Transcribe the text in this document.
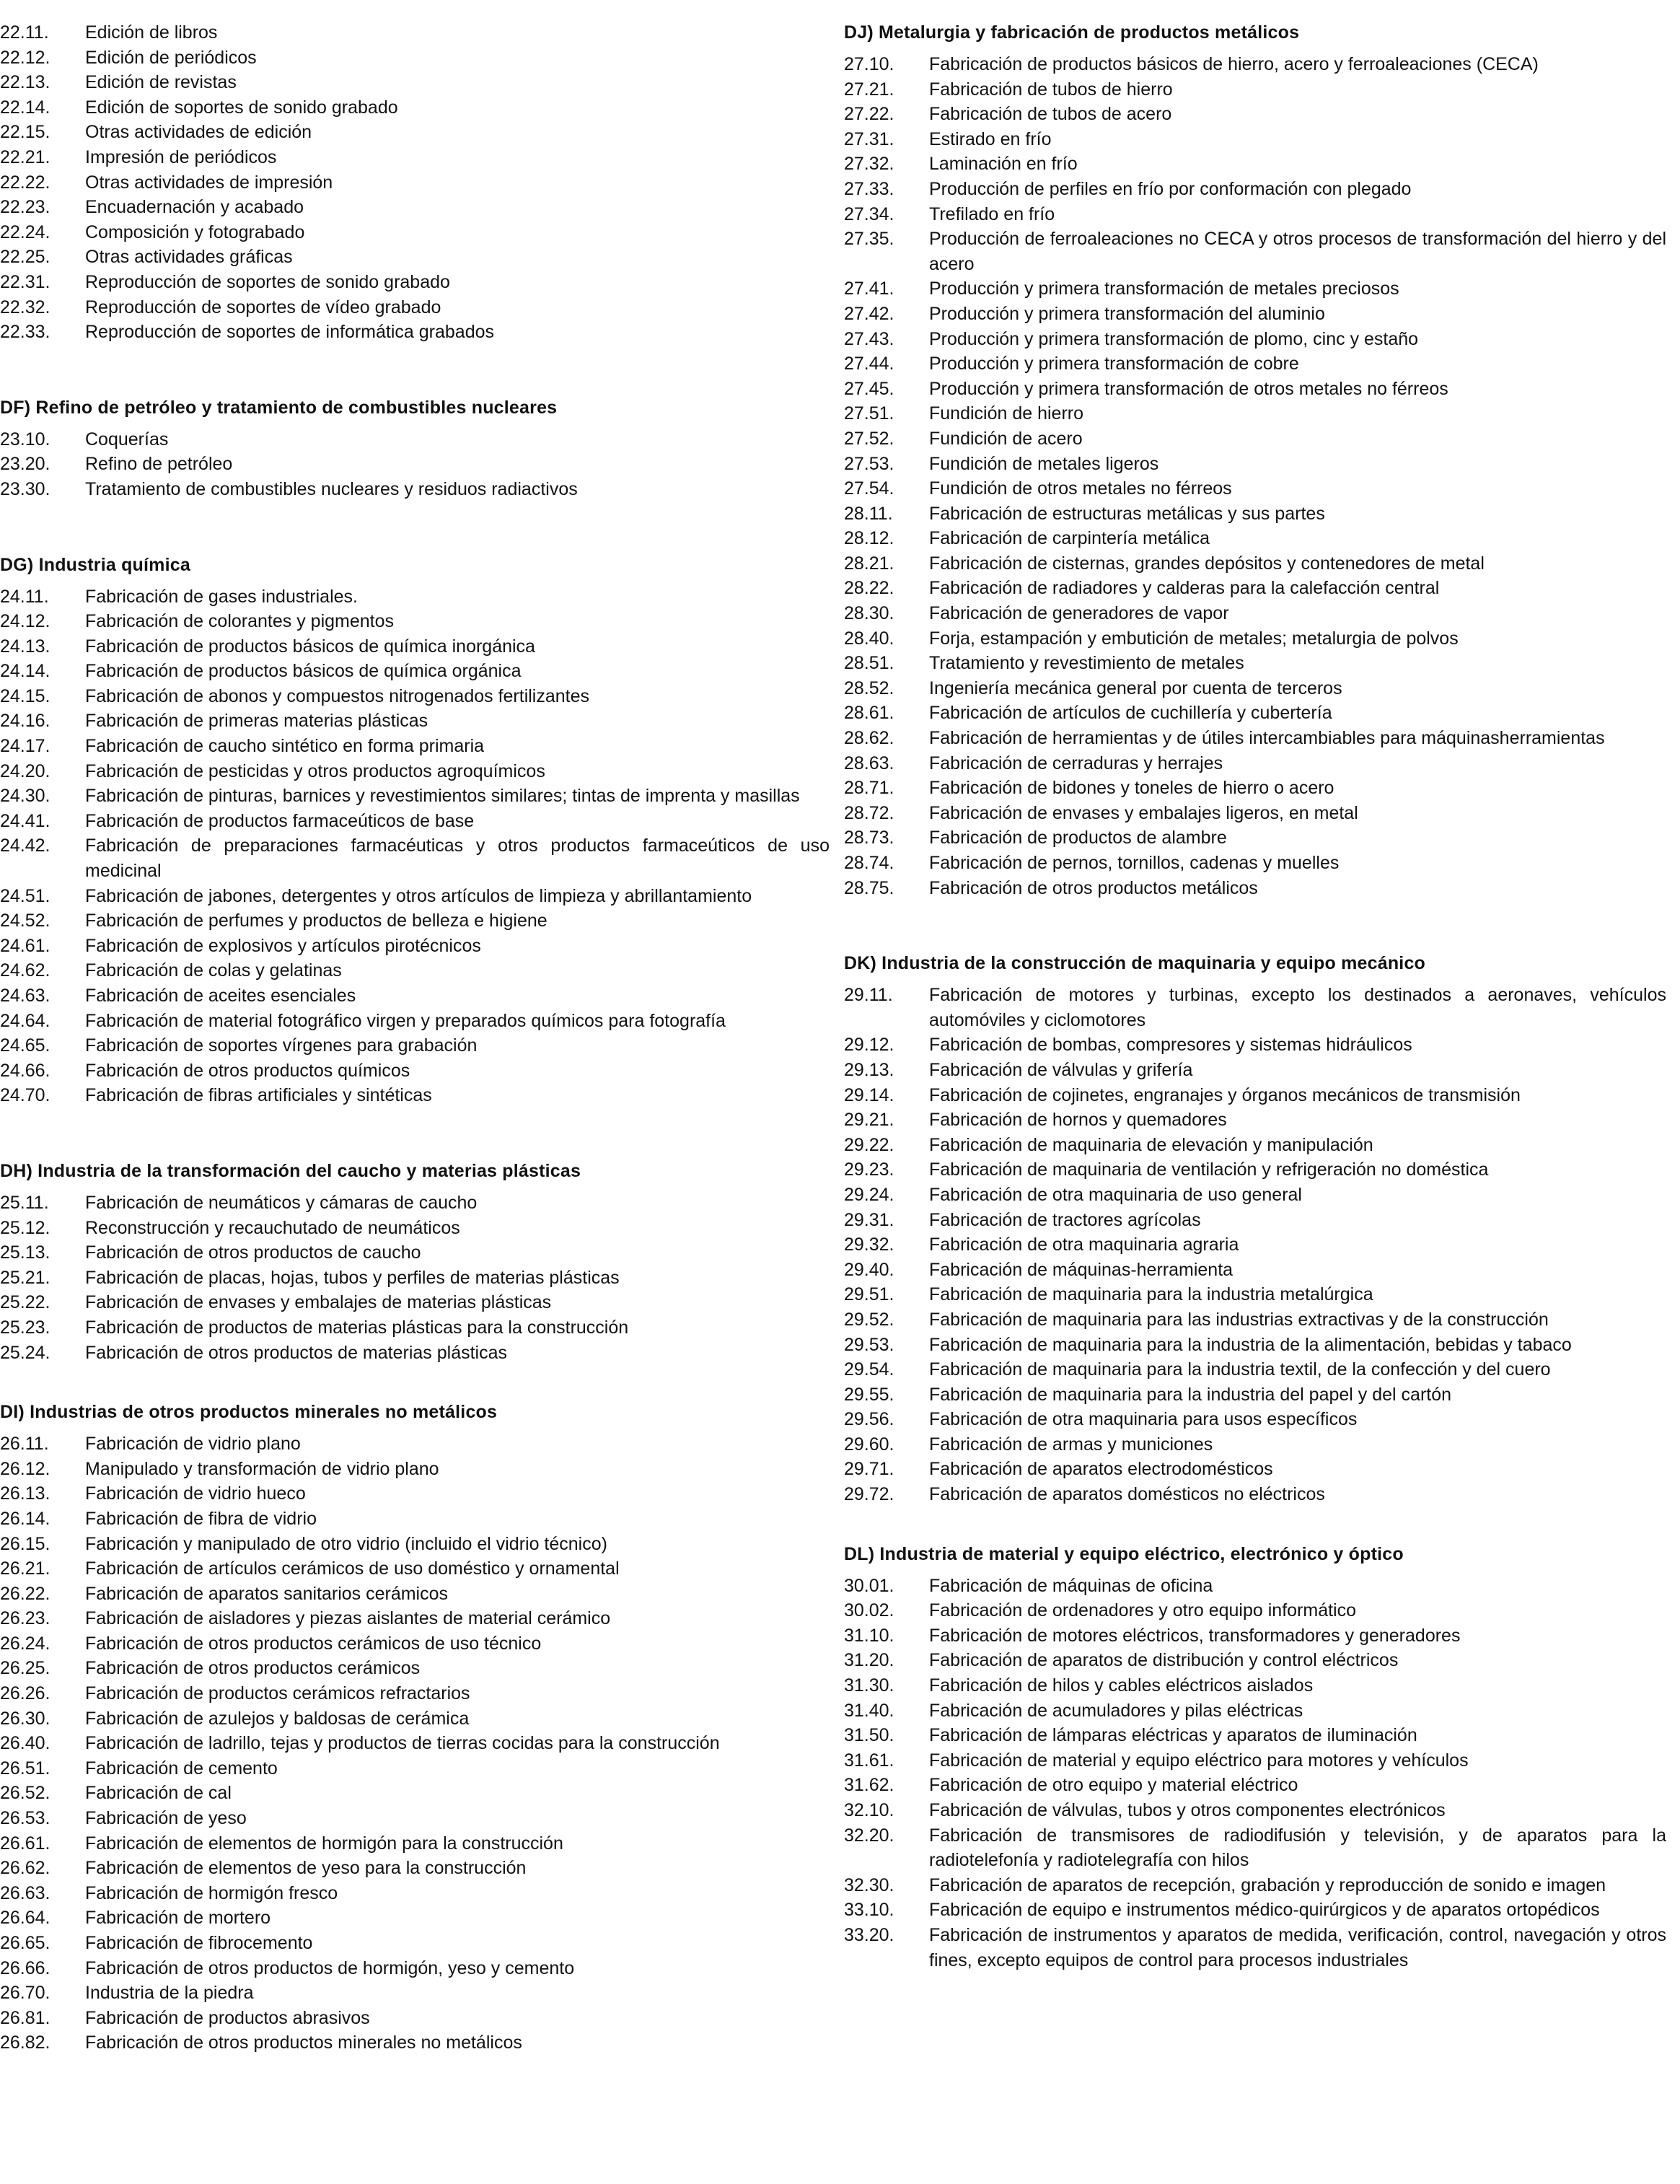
22.11.	Edición de libros
22.12.	Edición de periódicos
22.13.	Edición de revistas
22.14.	Edición de soportes de sonido grabado
22.15.	Otras actividades de edición
22.21.	Impresión de periódicos
22.22.	Otras actividades de impresión
22.23.	Encuadernación y acabado
22.24.	Composición y fotograbado
22.25.	Otras actividades gráficas
22.31.	Reproducción de soportes de sonido grabado
22.32.	Reproducción de soportes de vídeo grabado
22.33.	Reproducción de soportes de informática grabados
DF) Refino de petróleo y tratamiento de combustibles nucleares
23.10.	Coquerías
23.20.	Refino de petróleo
23.30.	Tratamiento de combustibles nucleares y residuos radiactivos
DG) Industria química
24.11.	Fabricación de gases industriales.
24.12.	Fabricación de colorantes y pigmentos
24.13.	Fabricación de productos básicos de química inorgánica
24.14.	Fabricación de productos básicos de química orgánica
24.15.	Fabricación de abonos y compuestos nitrogenados fertilizantes
24.16.	Fabricación de primeras materias plásticas
24.17.	Fabricación de caucho sintético en forma primaria
24.20.	Fabricación de pesticidas y otros productos agroquímicos
24.30.	Fabricación de pinturas, barnices y revestimientos similares; tintas de imprenta y masillas
24.41.	Fabricación de productos farmaceúticos de base
24.42.	Fabricación de preparaciones farmacéuticas y otros productos farmaceúticos de uso medicinal
24.51.	Fabricación de jabones, detergentes y otros artículos de limpieza y abrillantamiento
24.52.	Fabricación de perfumes y productos de belleza e higiene
24.61.	Fabricación de explosivos y artículos pirotécnicos
24.62.	Fabricación de colas y gelatinas
24.63.	Fabricación de aceites esenciales
24.64.	Fabricación de material fotográfico virgen y preparados químicos para fotografía
24.65.	Fabricación de soportes vírgenes para grabación
24.66.	Fabricación de otros productos químicos
24.70.	Fabricación de fibras artificiales y sintéticas
DH) Industria de la transformación del caucho y materias plásticas
25.11.	Fabricación de neumáticos y cámaras de caucho
25.12.	Reconstrucción y recauchutado de neumáticos
25.13.	Fabricación de otros productos de caucho
25.21.	Fabricación de placas, hojas, tubos y perfiles de materias plásticas
25.22.	Fabricación de envases y embalajes de materias plásticas
25.23.	Fabricación de productos de materias plásticas para la construcción
25.24.	Fabricación de otros productos de materias plásticas
DI) Industrias de otros productos minerales no metálicos
26.11.	Fabricación de vidrio plano
26.12.	Manipulado y transformación de vidrio plano
26.13.	Fabricación de vidrio hueco
26.14.	Fabricación de fibra de vidrio
26.15.	Fabricación y manipulado de otro vidrio (incluido el vidrio técnico)
26.21.	Fabricación de artículos cerámicos de uso doméstico y ornamental
26.22.	Fabricación de aparatos sanitarios cerámicos
26.23.	Fabricación de aisladores y piezas aislantes de material cerámico
26.24.	Fabricación de otros productos cerámicos de uso técnico
26.25.	Fabricación de otros productos cerámicos
26.26.	Fabricación de productos cerámicos refractarios
26.30.	Fabricación de azulejos y baldosas de cerámica
26.40.	Fabricación de ladrillo, tejas y productos de tierras cocidas para la construcción
26.51.	Fabricación de cemento
26.52.	Fabricación de cal
26.53.	Fabricación de yeso
26.61.	Fabricación de elementos de hormigón para la construcción
26.62.	Fabricación de elementos de yeso para la construcción
26.63.	Fabricación de hormigón fresco
26.64.	Fabricación de mortero
26.65.	Fabricación de fibrocemento
26.66.	Fabricación de otros productos de hormigón, yeso y cemento
26.70.	Industria de la piedra
26.81.	Fabricación de productos abrasivos
26.82.	Fabricación de otros productos minerales no metálicos
DJ) Metalurgia y fabricación de productos metálicos
27.10.	Fabricación de productos básicos de hierro, acero y ferroaleaciones (CECA)
27.21.	Fabricación de tubos de hierro
27.22.	Fabricación de tubos de acero
27.31.	Estirado en frío
27.32.	Laminación en frío
27.33.	Producción de perfiles en frío por conformación con plegado
27.34.	Trefilado en frío
27.35.	Producción de ferroaleaciones no CECA y otros procesos de transformación del hierro y del acero
27.41.	Producción y primera transformación de metales preciosos
27.42.	Producción y primera transformación del aluminio
27.43.	Producción y primera transformación de plomo, cinc y estaño
27.44.	Producción y primera transformación de cobre
27.45.	Producción y primera transformación de otros metales no férreos
27.51.	Fundición de hierro
27.52.	Fundición de acero
27.53.	Fundición de metales ligeros
27.54.	Fundición de otros metales no férreos
28.11.	Fabricación de estructuras metálicas y sus partes
28.12.	Fabricación de carpintería metálica
28.21.	Fabricación de cisternas, grandes depósitos y contenedores de metal
28.22.	Fabricación de radiadores y calderas para la calefacción central
28.30.	Fabricación de generadores de vapor
28.40.	Forja, estampación y embutición de metales; metalurgia de polvos
28.51.	Tratamiento y revestimiento de metales
28.52.	Ingeniería mecánica general por cuenta de terceros
28.61.	Fabricación de artículos de cuchillería y cubertería
28.62.	Fabricación de herramientas y de útiles intercambiables para máquinasherramientas
28.63.	Fabricación de cerraduras y herrajes
28.71.	Fabricación de bidones y toneles de hierro o acero
28.72.	Fabricación de envases y embalajes ligeros, en metal
28.73.	Fabricación de productos de alambre
28.74.	Fabricación de pernos, tornillos, cadenas y muelles
28.75.	Fabricación de otros productos metálicos
DK) Industria de la construcción de maquinaria y equipo mecánico
29.11.	Fabricación de motores y turbinas, excepto los destinados a aeronaves, vehículos automóviles y ciclomotores
29.12.	Fabricación de bombas, compresores y sistemas hidráulicos
29.13.	Fabricación de válvulas y grifería
29.14.	Fabricación de cojinetes, engranajes y órganos mecánicos de transmisión
29.21.	Fabricación de hornos y quemadores
29.22.	Fabricación de maquinaria de elevación y manipulación
29.23.	Fabricación de maquinaria de ventilación y refrigeración no doméstica
29.24.	Fabricación de otra maquinaria de uso general
29.31.	Fabricación de tractores agrícolas
29.32.	Fabricación de otra maquinaria agraria
29.40.	Fabricación de máquinas-herramienta
29.51.	Fabricación de maquinaria para la industria metalúrgica
29.52.	Fabricación de maquinaria para las industrias extractivas y de la construcción
29.53.	Fabricación de maquinaria para la industria de la alimentación, bebidas y tabaco
29.54.	Fabricación de maquinaria para la industria textil, de la confección y del cuero
29.55.	Fabricación de maquinaria para la industria del papel y del cartón
29.56.	Fabricación de otra maquinaria para usos específicos
29.60.	Fabricación de armas y municiones
29.71.	Fabricación de aparatos electrodomésticos
29.72.	Fabricación de aparatos domésticos no eléctricos
DL) Industria de material y equipo eléctrico, electrónico y óptico
30.01.	Fabricación de máquinas de oficina
30.02.	Fabricación de ordenadores y otro equipo informático
31.10.	Fabricación de motores eléctricos, transformadores y generadores
31.20.	Fabricación de aparatos de distribución y control eléctricos
31.30.	Fabricación de hilos y cables eléctricos aislados
31.40.	Fabricación de acumuladores y pilas eléctricas
31.50.	Fabricación de lámparas eléctricas y aparatos de iluminación
31.61.	Fabricación de material y equipo eléctrico para motores y vehículos
31.62.	Fabricación de otro equipo y material eléctrico
32.10.	Fabricación de válvulas, tubos y otros componentes electrónicos
32.20.	Fabricación de transmisores de radiodifusión y televisión, y de aparatos para la radiotelefonía y radiotelegrafía con hilos
32.30.	Fabricación de aparatos de recepción, grabación y reproducción de sonido e imagen
33.10.	Fabricación de equipo e instrumentos médico-quirúrgicos y de aparatos ortopédicos
33.20.	Fabricación de instrumentos y aparatos de medida, verificación, control, navegación y otros fines, excepto equipos de control para procesos industriales
